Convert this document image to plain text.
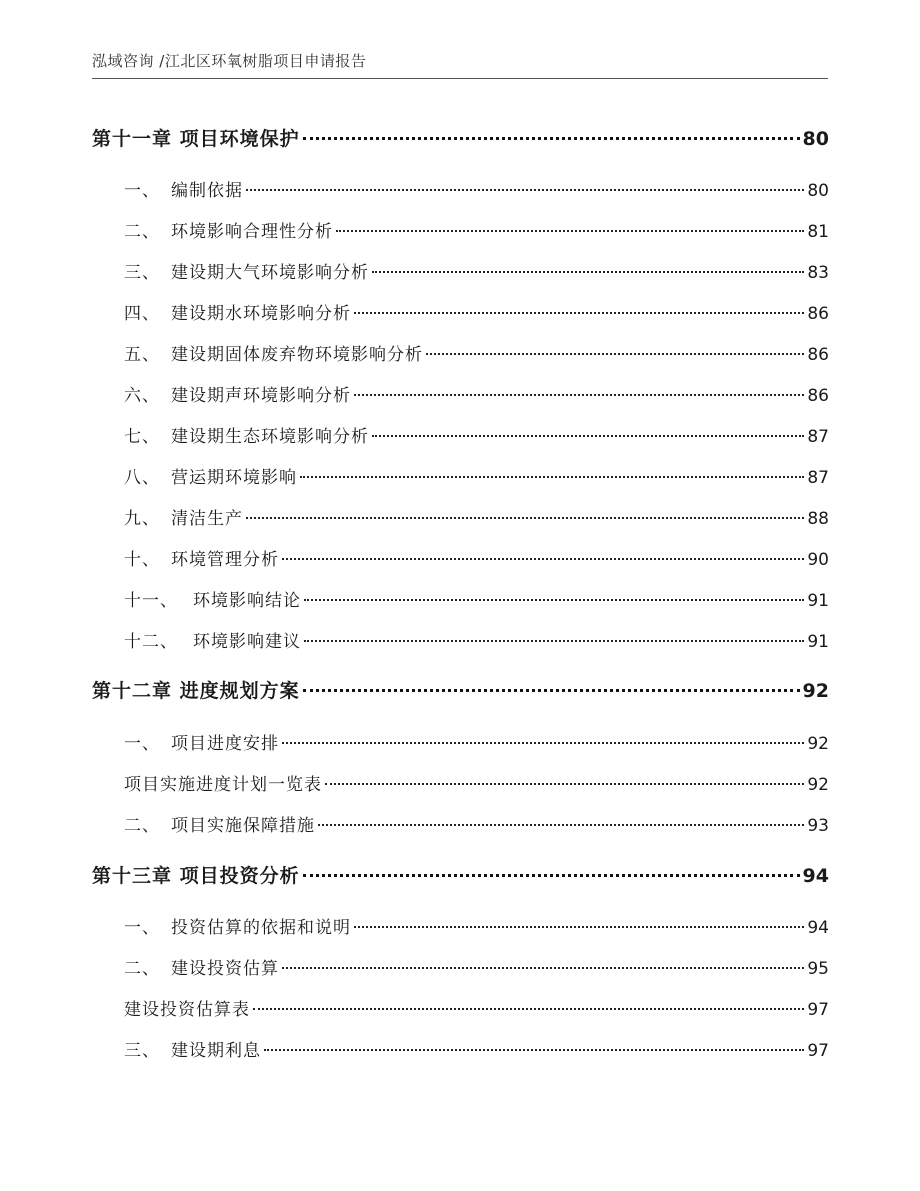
泓域咨询 /江北区环氧树脂项目申请报告
第十一章 项目环境保护	80
一、 编制依据	80
二、 环境影响合理性分析	81
三、 建设期大气环境影响分析	83
四、 建设期水环境影响分析	86
五、 建设期固体废弃物环境影响分析	86
六、 建设期声环境影响分析	86
七、 建设期生态环境影响分析	87
八、 营运期环境影响	87
九、 清洁生产	88
十、 环境管理分析	90
十一、 环境影响结论	91
十二、 环境影响建议	91
第十二章 进度规划方案	92
一、 项目进度安排	92
项目实施进度计划一览表	92
二、 项目实施保障措施	93
第十三章 项目投资分析	94
一、 投资估算的依据和说明	94
二、 建设投资估算	95
建设投资估算表	97
三、 建设期利息	97
